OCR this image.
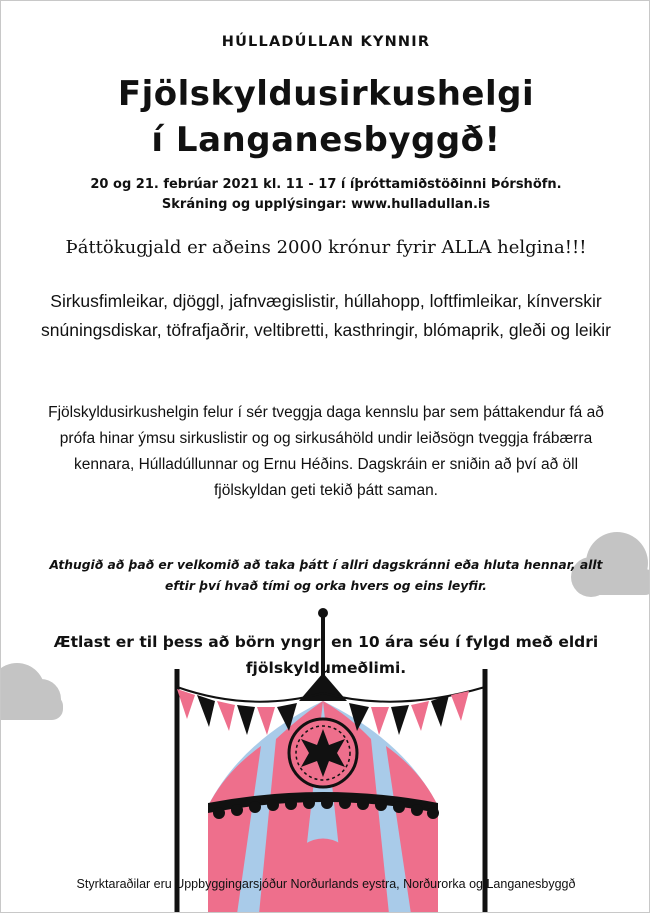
HÚLLADÚLLAN KYNNIR
Fjölskyldusirkushelgi
í Langanesbyggð!
20 og 21. febrúar 2021 kl. 11 - 17 í íþróttamiðstöðinni Þórshöfn.
Skráning og upplýsingar: www.hulladullan.is
Þáttökugjald er aðeins 2000 krónur fyrir ALLA helgina!!!
Sirkusfimleikar, djöggl, jafnvægislistir, húllahopp, loftfimleikar, kínverskir snúningsdiskar, töfrafjaðrir, veltibretti, kasthringir, blómaprik, gleði og leikir
Fjölskyldusirkushelgin felur í sér tveggja daga kennslu þar sem þáttakendur fá að prófa hinar ýmsu sirkuslistir og og sirkusáhöld undir leiðsögn tveggja frábærra kennara, Húlladúllunnar og Ernu Héðins. Dagskráin er sniðin að því að öll fjölskyldan geti tekið þátt saman.
Athugið að það er velkomið að taka þátt í allri dagskránni eða hluta hennar, allt
eftir því hvað tími og orka hvers og eins leyfir.
Ætlast er til þess að börn yngri en 10 ára séu í fylgd með eldri
fjölskyldumeðlimi.
Styrktaraðilar eru Uppbyggingarsjóður Norðurlands eystra, Norðurorka og Langanesbyggð
